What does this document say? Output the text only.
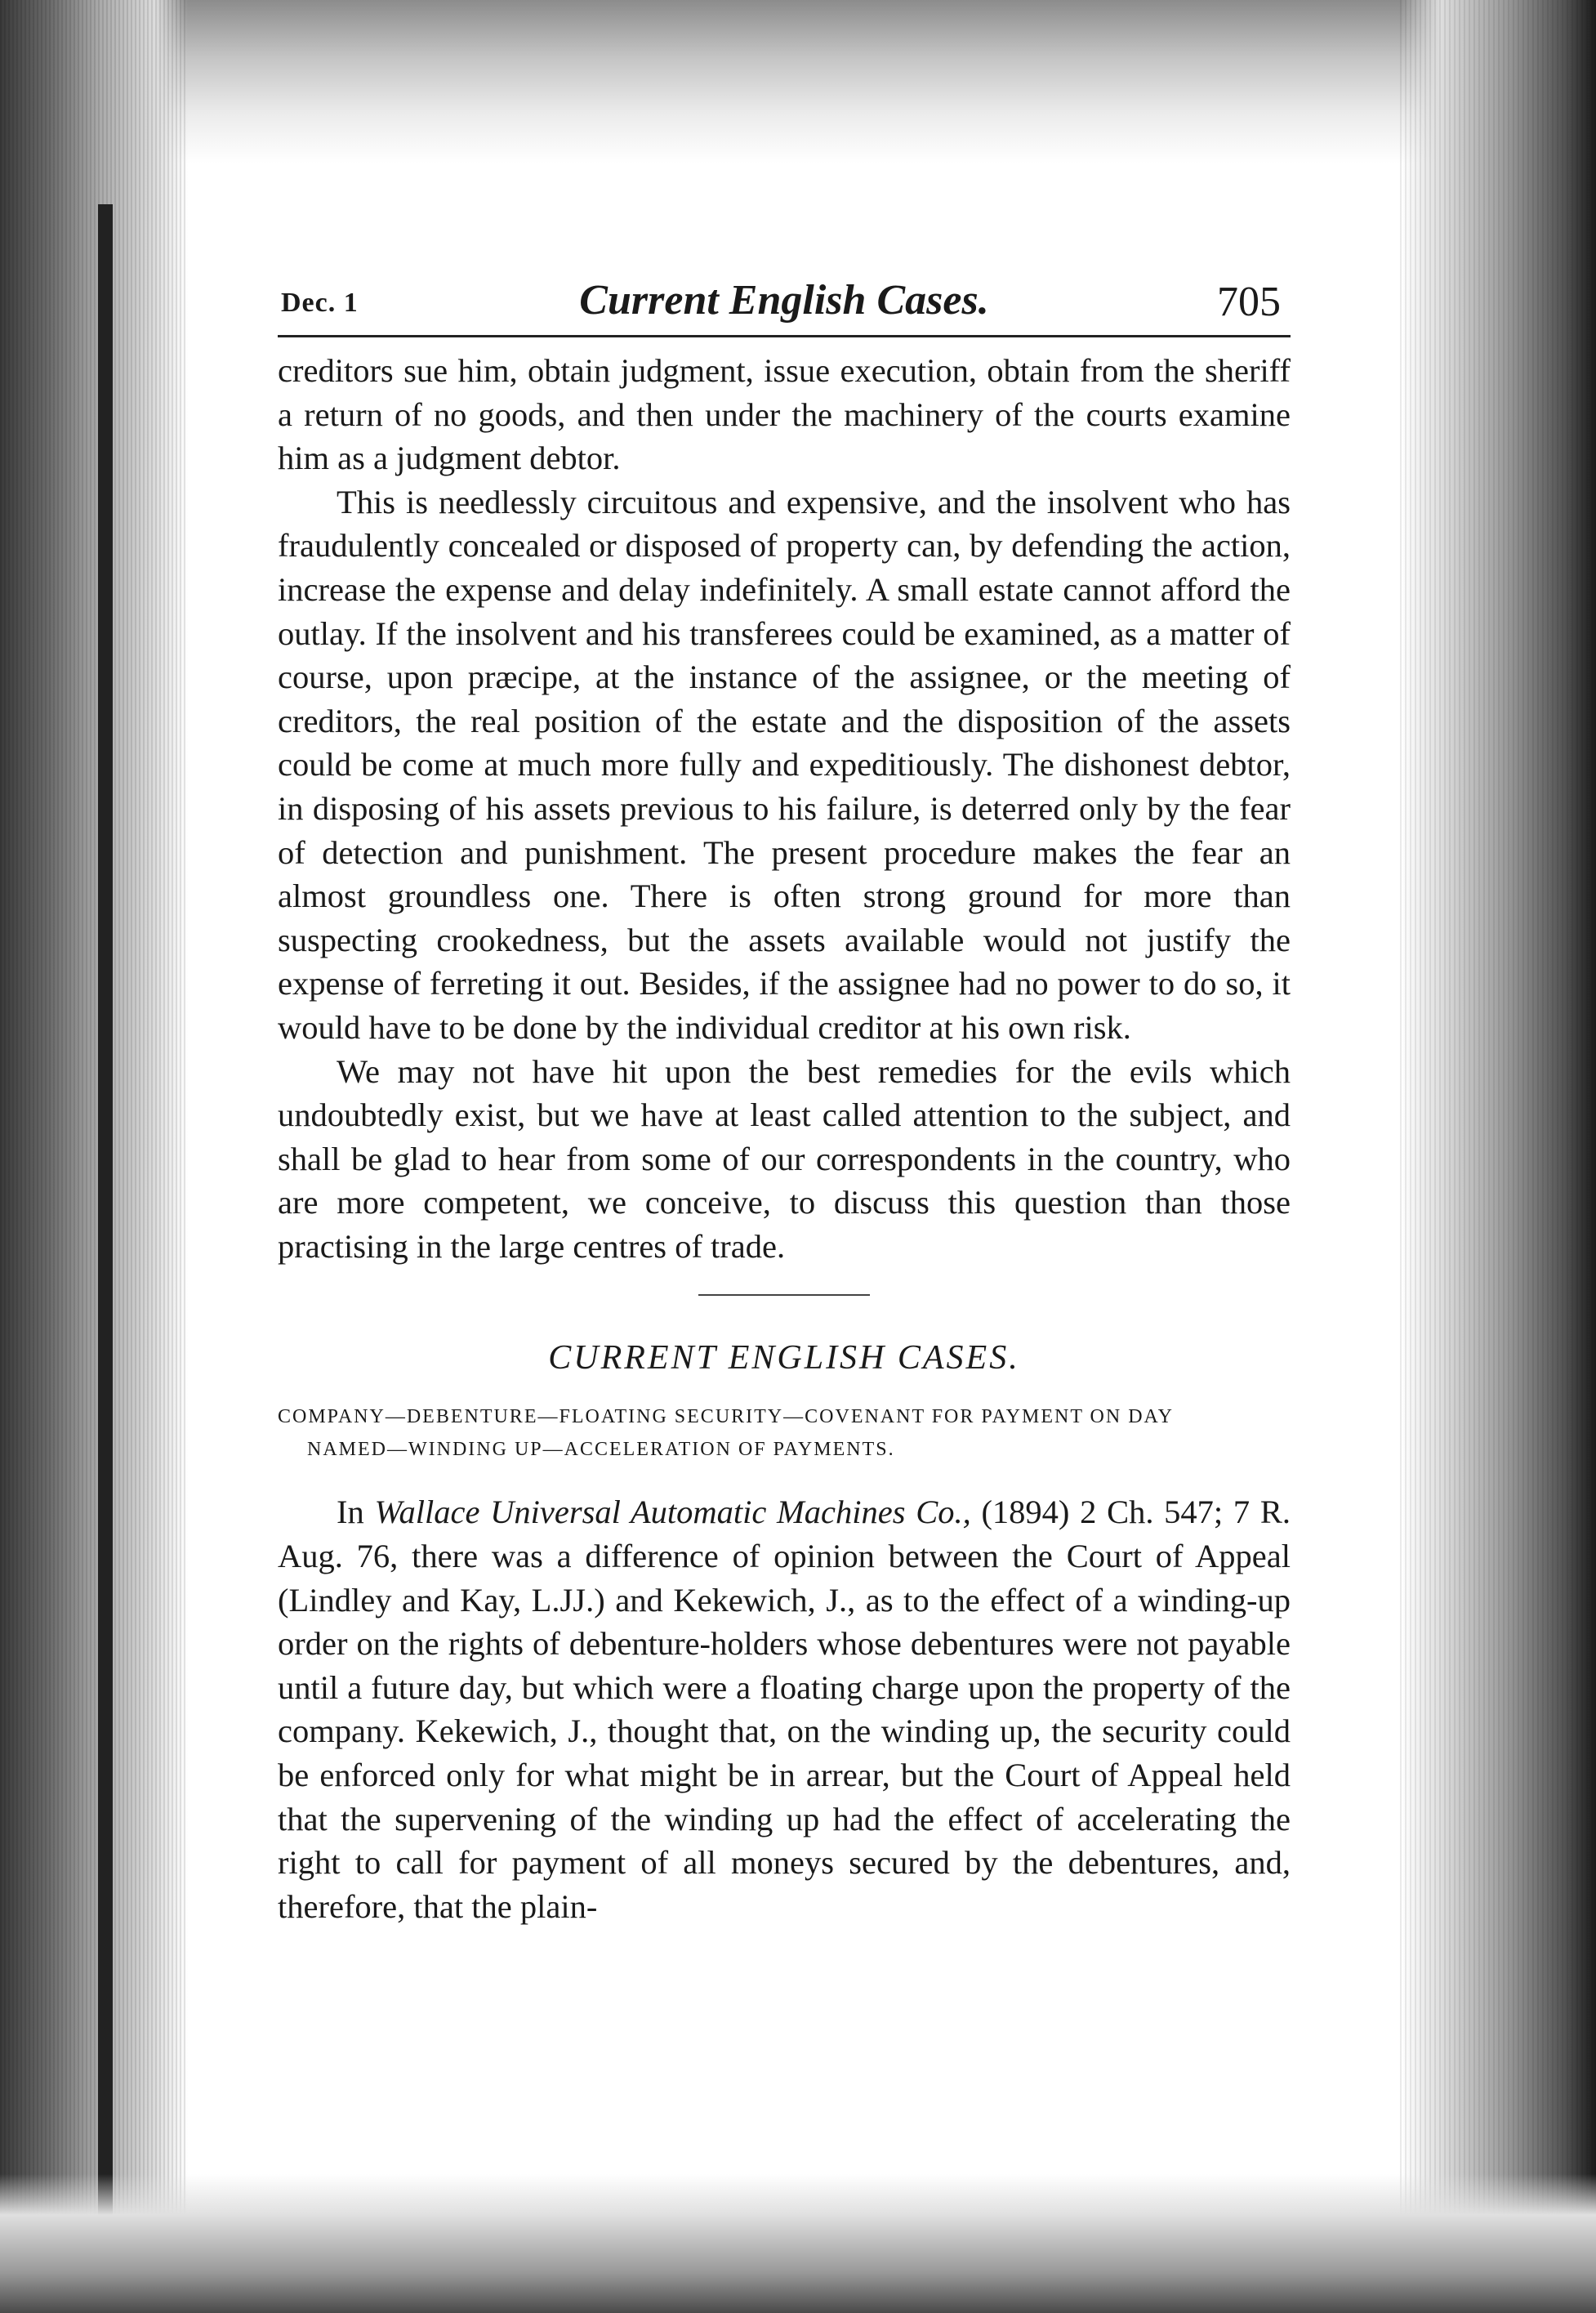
Dec. 1	Current English Cases.	705

creditors sue him, obtain judgment, issue execution, obtain from the sheriff a return of no goods, and then under the machinery of the courts examine him as a judgment debtor.

This is needlessly circuitous and expensive, and the insolvent who has fraudulently concealed or disposed of property can, by defending the action, increase the expense and delay indefinitely. A small estate cannot afford the outlay. If the insolvent and his transferees could be examined, as a matter of course, upon præcipe, at the instance of the assignee, or the meeting of creditors, the real position of the estate and the disposition of the assets could be come at much more fully and expeditiously. The dishonest debtor, in disposing of his assets previous to his failure, is deterred only by the fear of detection and punishment. The present procedure makes the fear an almost groundless one. There is often strong ground for more than suspecting crookedness, but the assets available would not justify the expense of ferreting it out. Besides, if the assignee had no power to do so, it would have to be done by the individual creditor at his own risk.

We may not have hit upon the best remedies for the evils which undoubtedly exist, but we have at least called attention to the subject, and shall be glad to hear from some of our correspondents in the country, who are more competent, we conceive, to discuss this question than those practising in the large centres of trade.

CURRENT ENGLISH CASES.
COMPANY—DEBENTURE—FLOATING SECURITY—COVENANT FOR PAYMENT ON DAY
NAMED—WINDING UP—ACCELERATION OF PAYMENTS.

In Wallace Universal Automatic Machines Co., (1894) 2 Ch. 547; 7 R. Aug. 76, there was a difference of opinion between the Court of Appeal (Lindley and Kay, L.JJ.) and Kekewich, J., as to the effect of a winding-up order on the rights of debenture-holders whose debentures were not payable until a future day, but which were a floating charge upon the property of the company. Kekewich, J., thought that, on the winding up, the security could be enforced only for what might be in arrear, but the Court of Appeal held that the supervening of the winding up had the effect of accelerating the right to call for payment of all moneys secured by the debentures, and, therefore, that the plain-
